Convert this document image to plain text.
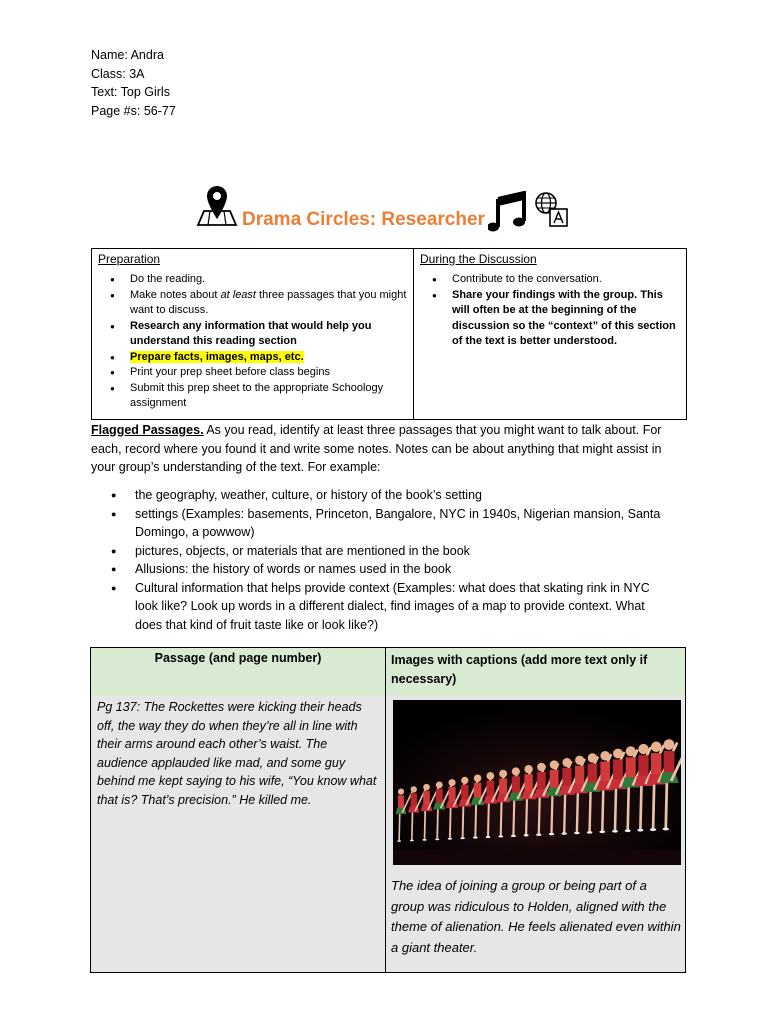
Name: Andra
Class: 3A
Text: Top Girls
Page #s: 56-77
Drama Circles: Researcher
Preparation
● Do the reading.
● Make notes about at least three passages that you might want to discuss.
● Research any information that would help you understand this reading section
● Prepare facts, images, maps, etc.
● Print your prep sheet before class begins
● Submit this prep sheet to the appropriate Schoology assignment
During the Discussion
● Contribute to the conversation.
● Share your findings with the group. This will often be at the beginning of the discussion so the “context” of this section of the text is better understood.
Flagged Passages. As you read, identify at least three passages that you might want to talk about. For each, record where you found it and write some notes. Notes can be about anything that might assist in your group’s understanding of the text. For example:
● the geography, weather, culture, or history of the book’s setting
● settings (Examples: basements, Princeton, Bangalore, NYC in 1940s, Nigerian mansion, Santa Domingo, a powwow)
● pictures, objects, or materials that are mentioned in the book
● Allusions: the history of words or names used in the book
● Cultural information that helps provide context (Examples: what does that skating rink in NYC look like? Look up words in a different dialect, find images of a map to provide context. What does that kind of fruit taste like or look like?)
Passage (and page number)	Images with captions (add more text only if necessary)
Pg 137: The Rockettes were kicking their heads off, the way they do when they’re all in line with their arms around each other’s waist. The audience applauded like mad, and some guy behind me kept saying to his wife, “You know what that is? That’s precision.” He killed me.
The idea of joining a group or being part of a group was ridiculous to Holden, aligned with the theme of alienation. He feels alienated even within a giant theater.
